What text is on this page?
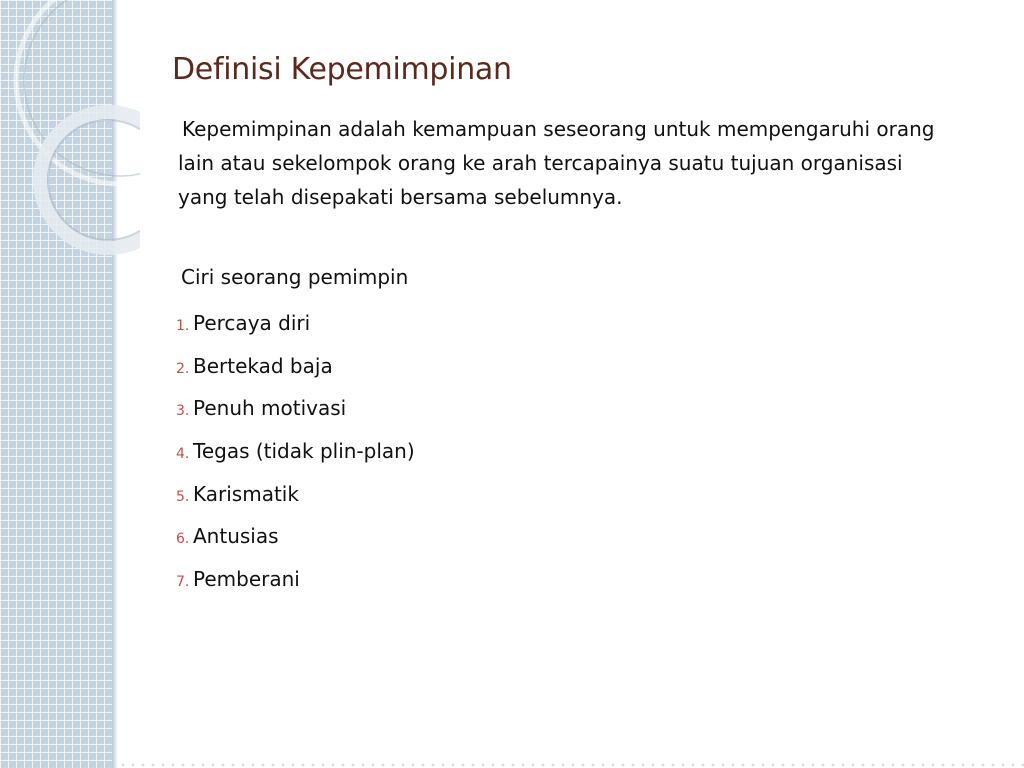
Definisi Kepemimpinan

Kepemimpinan adalah kemampuan seseorang untuk mempengaruhi orang lain atau sekelompok orang ke arah tercapainya suatu tujuan organisasi yang telah disepakati bersama sebelumnya.

Ciri seorang pemimpin

1. Percaya diri
2. Bertekad baja
3. Penuh motivasi
4. Tegas (tidak plin-plan)
5. Karismatik
6. Antusias
7. Pemberani
